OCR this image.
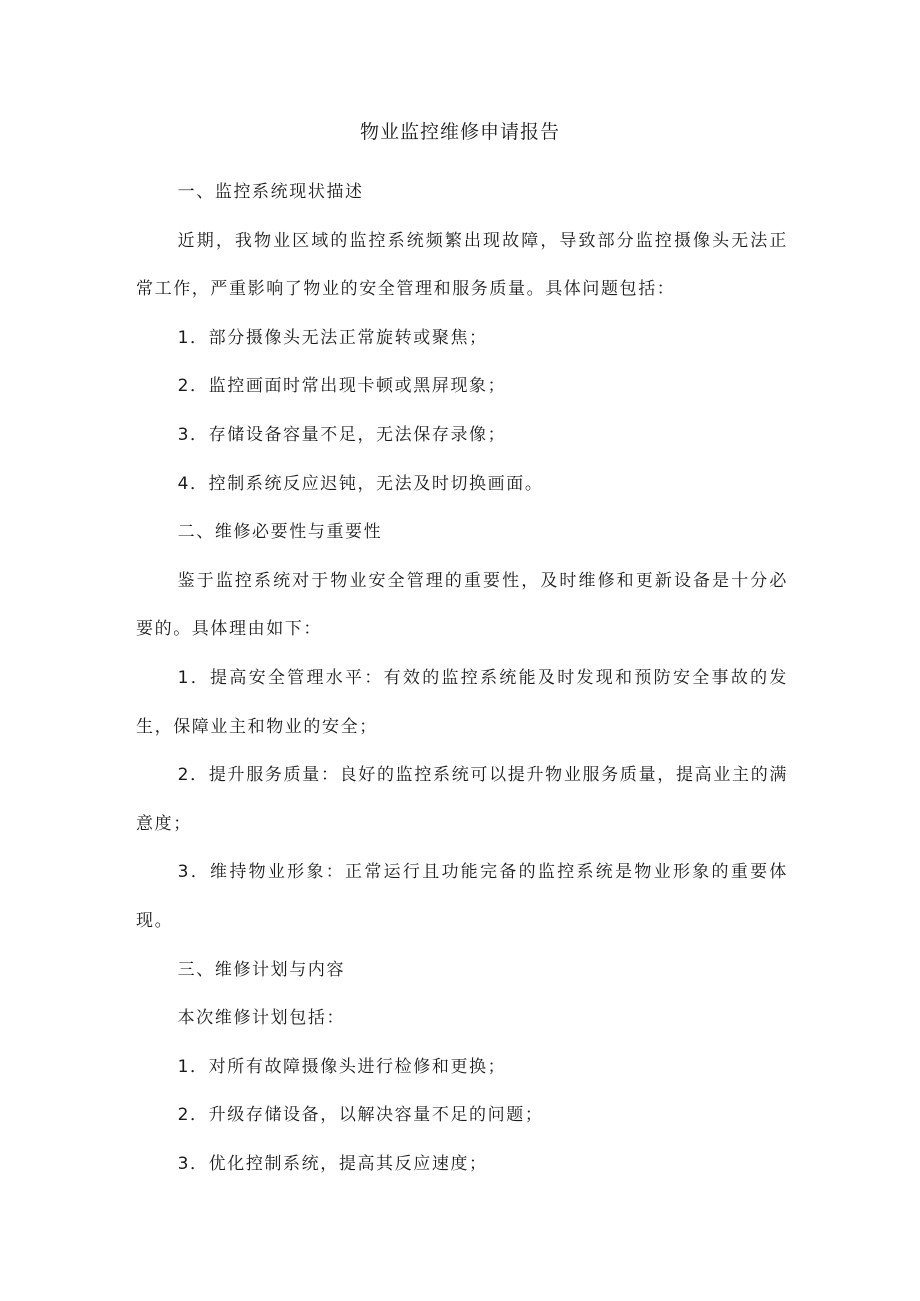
物业监控维修申请报告

一、监控系统现状描述

近期，我物业区域的监控系统频繁出现故障，导致部分监控摄像头无法正常工作，严重影响了物业的安全管理和服务质量。具体问题包括：

1．部分摄像头无法正常旋转或聚焦；

2．监控画面时常出现卡顿或黑屏现象；

3．存储设备容量不足，无法保存录像；

4．控制系统反应迟钝，无法及时切换画面。

二、维修必要性与重要性

鉴于监控系统对于物业安全管理的重要性，及时维修和更新设备是十分必要的。具体理由如下：

1．提高安全管理水平：有效的监控系统能及时发现和预防安全事故的发生，保障业主和物业的安全；

2．提升服务质量：良好的监控系统可以提升物业服务质量，提高业主的满意度；

3．维持物业形象：正常运行且功能完备的监控系统是物业形象的重要体现。

三、维修计划与内容

本次维修计划包括：

1．对所有故障摄像头进行检修和更换；

2．升级存储设备，以解决容量不足的问题；

3．优化控制系统，提高其反应速度；
